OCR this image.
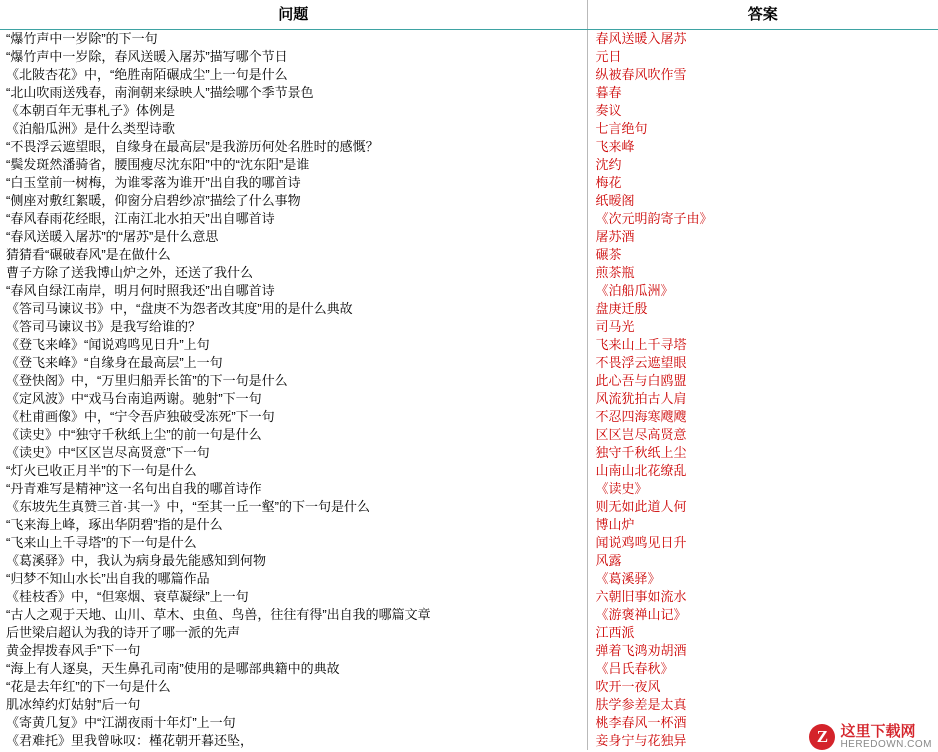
问题	答案
“爆竹声中一岁除”的下一句	春风送暖入屠苏
“爆竹声中一岁除，春风送暖入屠苏”描写哪个节日	元日
《北陂杏花》中，“绝胜南陌碾成尘”上一句是什么	纵被春风吹作雪
“北山吹雨送残春，南涧朝来绿映人”描绘哪个季节景色	暮春
《本朝百年无事札子》体例是	奏议
《泊船瓜洲》是什么类型诗歌	七言绝句
“不畏浮云遮望眼，自缘身在最高层”是我游历何处名胜时的感慨？	飞来峰
“鬓发斑然潘骑省，腰围瘦尽沈东阳”中的“沈东阳”是谁	沈约
“白玉堂前一树梅，为谁零落为谁开”出自我的哪首诗	梅花
“侧座对敷红絮暖，仰窗分启碧纱凉”描绘了什么事物	纸暧阁
“春风春雨花经眼，江南江北水拍天”出自哪首诗	《次元明韵寄子由》
“春风送暖入屠苏”的“屠苏”是什么意思	屠苏酒
猜猜看“碾破春风”是在做什么	碾茶
曹子方除了送我博山炉之外，还送了我什么	煎茶瓶
“春风自绿江南岸，明月何时照我还”出自哪首诗	《泊船瓜洲》
《答司马谏议书》中，“盘庚不为怨者改其度”用的是什么典故	盘庚迁殷
《答司马谏议书》是我写给谁的？	司马光
《登飞来峰》“闻说鸡鸣见日升”上句	飞来山上千寻塔
《登飞来峰》“自缘身在最高层”上一句	不畏浮云遮望眼
《登快阁》中，“万里归船弄长笛”的下一句是什么	此心吾与白鸥盟
《定风波》中“戏马台南追两谢。驰射”下一句	风流犹拍古人肩
《杜甫画像》中，“宁令吾庐独破受冻死”下一句	不忍四海寒飕飕
《读史》中“独守千秋纸上尘”的前一句是什么	区区岂尽高贤意
《读史》中“区区岂尽高贤意”下一句	独守千秋纸上尘
“灯火已收正月半”的下一句是什么	山南山北花缭乱
“丹青难写是精神”这一名句出自我的哪首诗作	《读史》
《东坡先生真赞三首·其一》中，“至其一丘一壑”的下一句是什么	则无如此道人何
“飞来海上峰，琢出华阴碧”指的是什么	博山炉
“飞来山上千寻塔”的下一句是什么	闻说鸡鸣见日升
《葛溪驿》中，我认为病身最先能感知到何物	风露
“归梦不知山水长”出自我的哪篇作品	《葛溪驿》
《桂枝香》中，“但寒烟、衰草凝绿”上一句	六朝旧事如流水
“古人之观于天地、山川、草木、虫鱼、鸟兽，往往有得”出自我的哪篇文章	《游褒禅山记》
后世梁启超认为我的诗开了哪一派的先声	江西派
黄金捍拨春风手”下一句	弹着飞鸿劝胡酒
“海上有人逐臭，天生鼻孔司南”使用的是哪部典籍中的典故	《吕氏春秋》
“花是去年红”的下一句是什么	吹开一夜风
肌冰绰约灯姑射”后一句	肤学参差是太真
《寄黄几复》中“江湖夜雨十年灯”上一句	桃李春风一杯酒
《君难托》里我曾咏叹：槿花朝开暮还坠，	妾身宁与花独异	Z 这里下载网
HEREDOWN.COM
